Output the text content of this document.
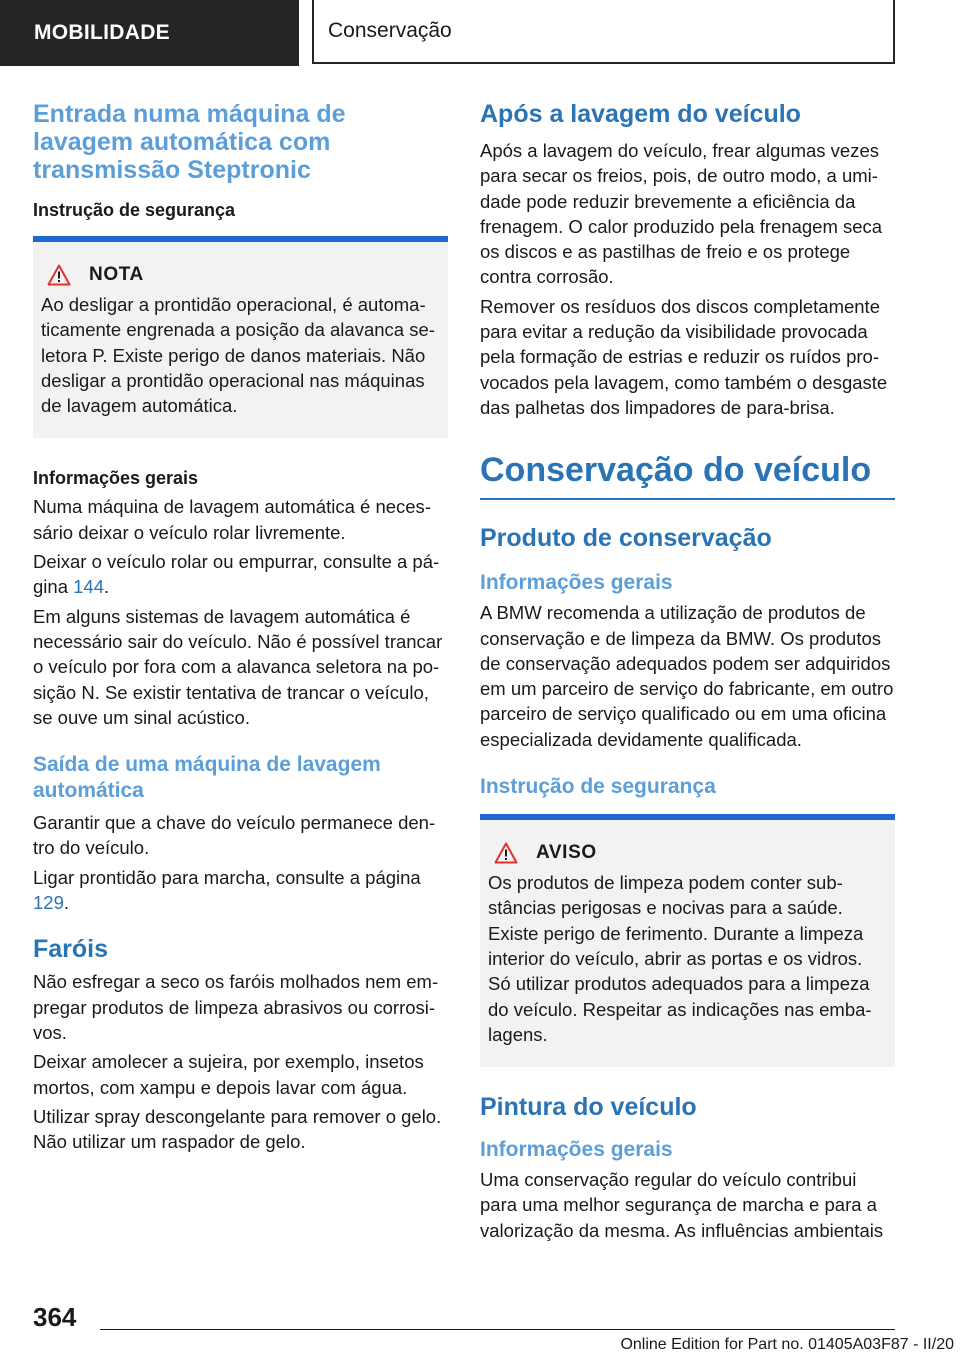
MOBILIDADE	Conservação
Entrada numa máquina de lavagem automática com transmissão Steptronic
Instrução de segurança
NOTA

Ao desligar a prontidão operacional, é automaticamente engrenada a posição da alavanca seletora P. Existe perigo de danos materiais. Não desligar a prontidão operacional nas máquinas de lavagem automática.

Informações gerais

Numa máquina de lavagem automática é necessário deixar o veículo rolar livremente.

Deixar o veículo rolar ou empurrar, consulte a página 144.

Em alguns sistemas de lavagem automática é necessário sair do veículo. Não é possível trancar o veículo por fora com a alavanca seletora na posição N. Se existir tentativa de trancar o veículo, se ouve um sinal acústico.

Saída de uma máquina de lavagem automática

Garantir que a chave do veículo permanece dentro do veículo.

Ligar prontidão para marcha, consulte a página 129.

Faróis

Não esfregar a seco os faróis molhados nem empregar produtos de limpeza abrasivos ou corrosivos.

Deixar amolecer a sujeira, por exemplo, insetos mortos, com xampu e depois lavar com água.

Utilizar spray descongelante para remover o gelo. Não utilizar um raspador de gelo.

Após a lavagem do veículo

Após a lavagem do veículo, frear algumas vezes para secar os freios, pois, de outro modo, a umidade pode reduzir brevemente a eficiência da frenagem. O calor produzido pela frenagem seca os discos e as pastilhas de freio e os protege contra corrosão.

Remover os resíduos dos discos completamente para evitar a redução da visibilidade provocada pela formação de estrias e reduzir os ruídos provocados pela lavagem, como também o desgaste das palhetas dos limpadores de para-brisa.

Conservação do veículo
Produto de conservação
Informações gerais

A BMW recomenda a utilização de produtos de conservação e de limpeza da BMW. Os produtos de conservação adequados podem ser adquiridos em um parceiro de serviço do fabricante, em outro parceiro de serviço qualificado ou em uma oficina especializada devidamente qualificada.

Instrução de segurança
AVISO

Os produtos de limpeza podem conter substâncias perigosas e nocivas para a saúde. Existe perigo de ferimento. Durante a limpeza interior do veículo, abrir as portas e os vidros. Só utilizar produtos adequados para a limpeza do veículo. Respeitar as indicações nas embalagens.

Pintura do veículo
Informações gerais

Uma conservação regular do veículo contribui para uma melhor segurança de marcha e para a valorização da mesma. As influências ambientais

364
Online Edition for Part no. 01405A03F87 - II/20
